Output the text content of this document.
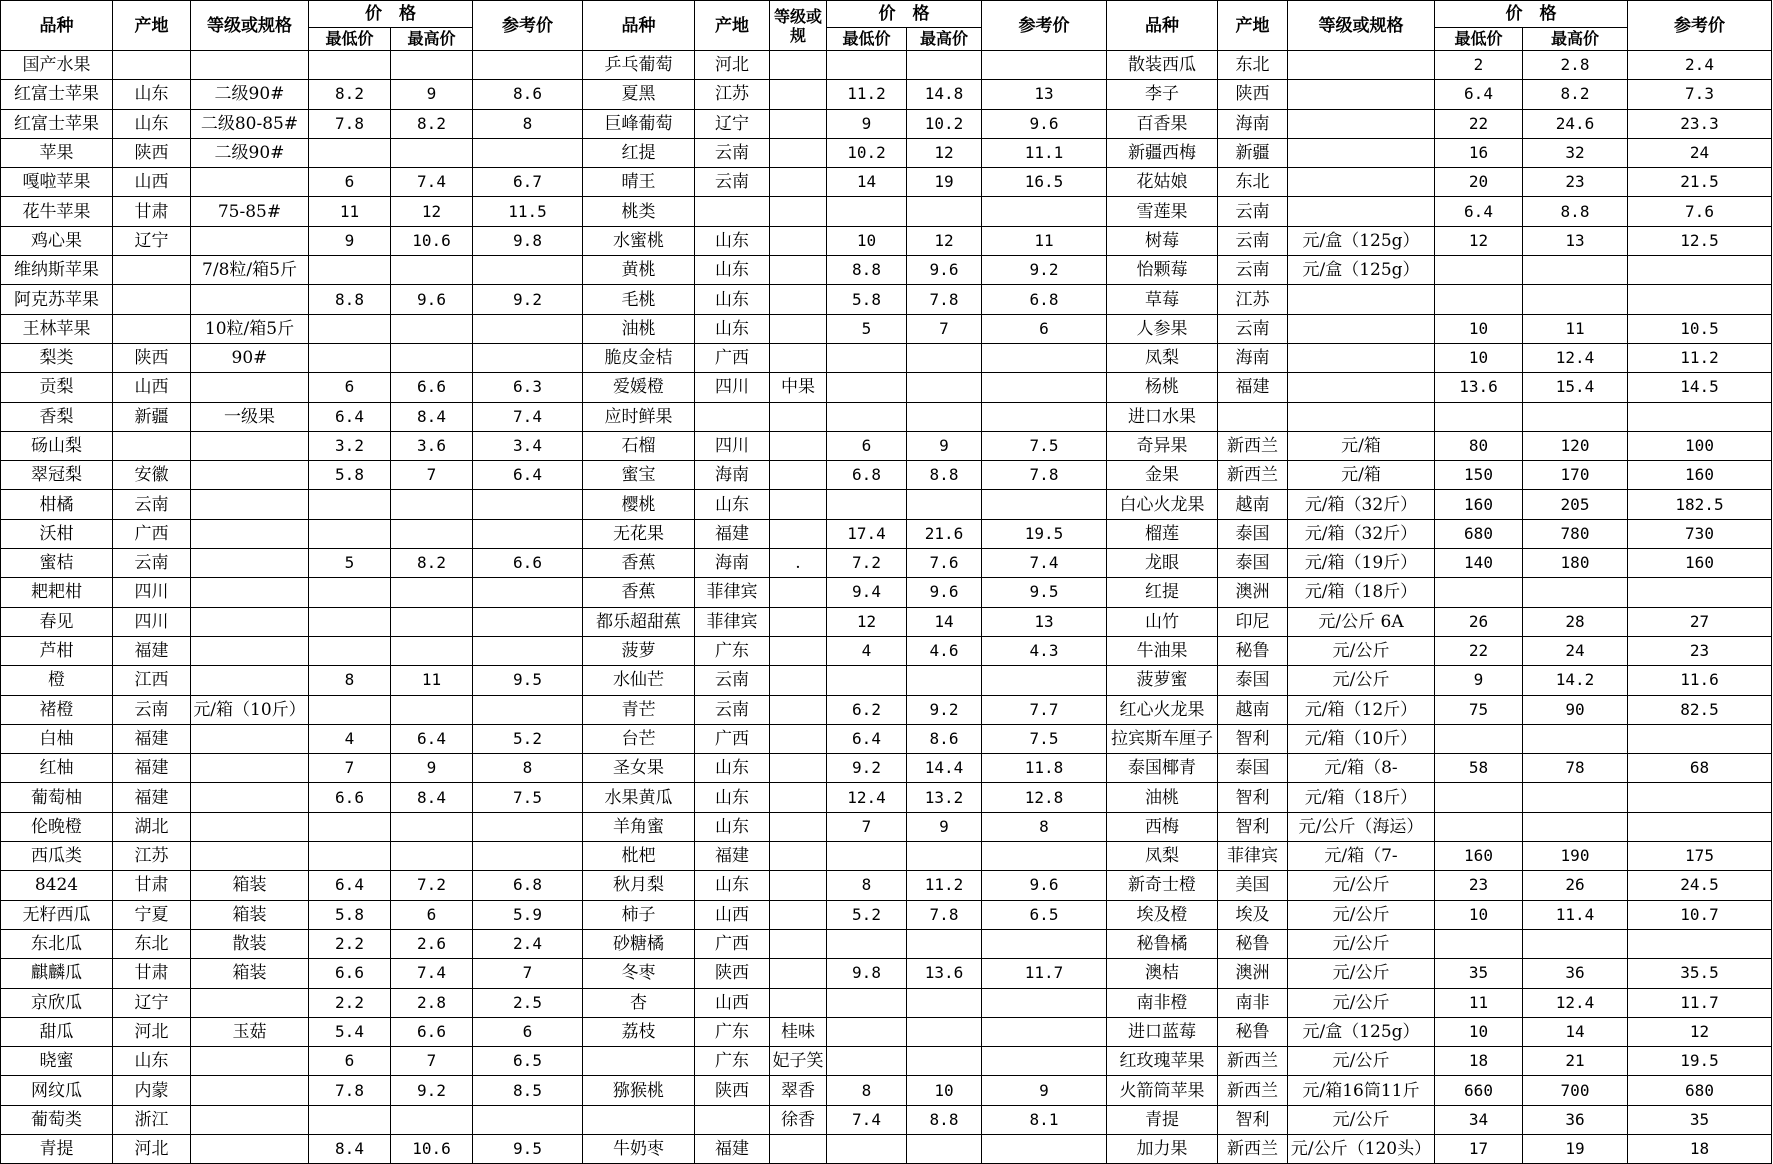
品种	产地	等级或规格	价　格		参考价	品种	产地	等级或规	价　格		参考价	品种	产地	等级或规格	价　格		参考价
			最低价	最高价					最低价	最高价					最低价	最高价	
国产水果						乒乓葡萄	河北					散装西瓜	东北		2	2.8	2.4
红富士苹果	山东	二级90#	8.2	9	8.6	夏黑	江苏		11.2	14.8	13	李子	陕西		6.4	8.2	7.3
红富士苹果	山东	二级80-85#	7.8	8.2	8	巨峰葡萄	辽宁		9	10.2	9.6	百香果	海南		22	24.6	23.3
苹果	陕西	二级90#				红提	云南		10.2	12	11.1	新疆西梅	新疆		16	32	24
嘎啦苹果	山西		6	7.4	6.7	晴王	云南		14	19	16.5	花姑娘	东北		20	23	21.5
花牛苹果	甘肃	75-85#	11	12	11.5	桃类						雪莲果	云南		6.4	8.8	7.6
鸡心果	辽宁		9	10.6	9.8	水蜜桃	山东		10	12	11	树莓	云南	元/盒（125g）	12	13	12.5
维纳斯苹果		7/8粒/箱5斤				黄桃	山东		8.8	9.6	9.2	怡颗莓	云南	元/盒（125g）			
阿克苏苹果			8.8	9.6	9.2	毛桃	山东		5.8	7.8	6.8	草莓	江苏				
王林苹果		10粒/箱5斤				油桃	山东		5	7	6	人参果	云南		10	11	10.5
梨类	陕西	90#				脆皮金桔	广西					凤梨	海南		10	12.4	11.2
贡梨	山西		6	6.6	6.3	爱媛橙	四川	中果				杨桃	福建		13.6	15.4	14.5
香梨	新疆	一级果	6.4	8.4	7.4	应时鲜果						进口水果					
砀山梨			3.2	3.6	3.4	石榴	四川		6	9	7.5	奇异果	新西兰	元/箱	80	120	100
翠冠梨	安徽		5.8	7	6.4	蜜宝	海南		6.8	8.8	7.8	金果	新西兰	元/箱	150	170	160
柑橘	云南					樱桃	山东					白心火龙果	越南	元/箱（32斤）	160	205	182.5
沃柑	广西					无花果	福建		17.4	21.6	19.5	榴莲	泰国	元/箱（32斤）	680	780	730
蜜桔	云南		5	8.2	6.6	香蕉	海南	.	7.2	7.6	7.4	龙眼	泰国	元/箱（19斤）	140	180	160
耙耙柑	四川					香蕉	菲律宾		9.4	9.6	9.5	红提	澳洲	元/箱（18斤）			
春见	四川					都乐超甜蕉	菲律宾		12	14	13	山竹	印尼	元/公斤 6A	26	28	27
芦柑	福建					菠萝	广东		4	4.6	4.3	牛油果	秘鲁	元/公斤	22	24	23
橙	江西		8	11	9.5	水仙芒	云南					菠萝蜜	泰国	元/公斤	9	14.2	11.6
褚橙	云南	元/箱（10斤）				青芒	云南		6.2	9.2	7.7	红心火龙果	越南	元/箱（12斤）	75	90	82.5
白柚	福建		4	6.4	5.2	台芒	广西		6.4	8.6	7.5	拉宾斯车厘子	智利	元/箱（10斤）			
红柚	福建		7	9	8	圣女果	山东		9.2	14.4	11.8	泰国椰青	泰国	元/箱（8-	58	78	68
葡萄柚	福建		6.6	8.4	7.5	水果黄瓜	山东		12.4	13.2	12.8	油桃	智利	元/箱（18斤）			
伦晚橙	湖北					羊角蜜	山东		7	9	8	西梅	智利	元/公斤（海运）			
西瓜类	江苏					枇杷	福建					凤梨	菲律宾	元/箱（7-	160	190	175
8424	甘肃	箱装	6.4	7.2	6.8	秋月梨	山东		8	11.2	9.6	新奇士橙	美国	元/公斤	23	26	24.5
无籽西瓜	宁夏	箱装	5.8	6	5.9	柿子	山西		5.2	7.8	6.5	埃及橙	埃及	元/公斤	10	11.4	10.7
东北瓜	东北	散装	2.2	2.6	2.4	砂糖橘	广西					秘鲁橘	秘鲁	元/公斤			
麒麟瓜	甘肃	箱装	6.6	7.4	7	冬枣	陕西		9.8	13.6	11.7	澳桔	澳洲	元/公斤	35	36	35.5
京欣瓜	辽宁		2.2	2.8	2.5	杏	山西					南非橙	南非	元/公斤	11	12.4	11.7
甜瓜	河北	玉菇	5.4	6.6	6	荔枝	广东	桂味				进口蓝莓	秘鲁	元/盒（125g）	10	14	12
晓蜜	山东		6	7	6.5		广东	妃子笑				红玫瑰苹果	新西兰	元/公斤	18	21	19.5
网纹瓜	内蒙		7.8	9.2	8.5	猕猴桃	陕西	翠香	8	10	9	火箭筒苹果	新西兰	元/箱16筒11斤	660	700	680
葡萄类	浙江							徐香	7.4	8.8	8.1	青提	智利	元/公斤	34	36	35
青提	河北		8.4	10.6	9.5	牛奶枣	福建					加力果	新西兰	元/公斤（120头）	17	19	18
